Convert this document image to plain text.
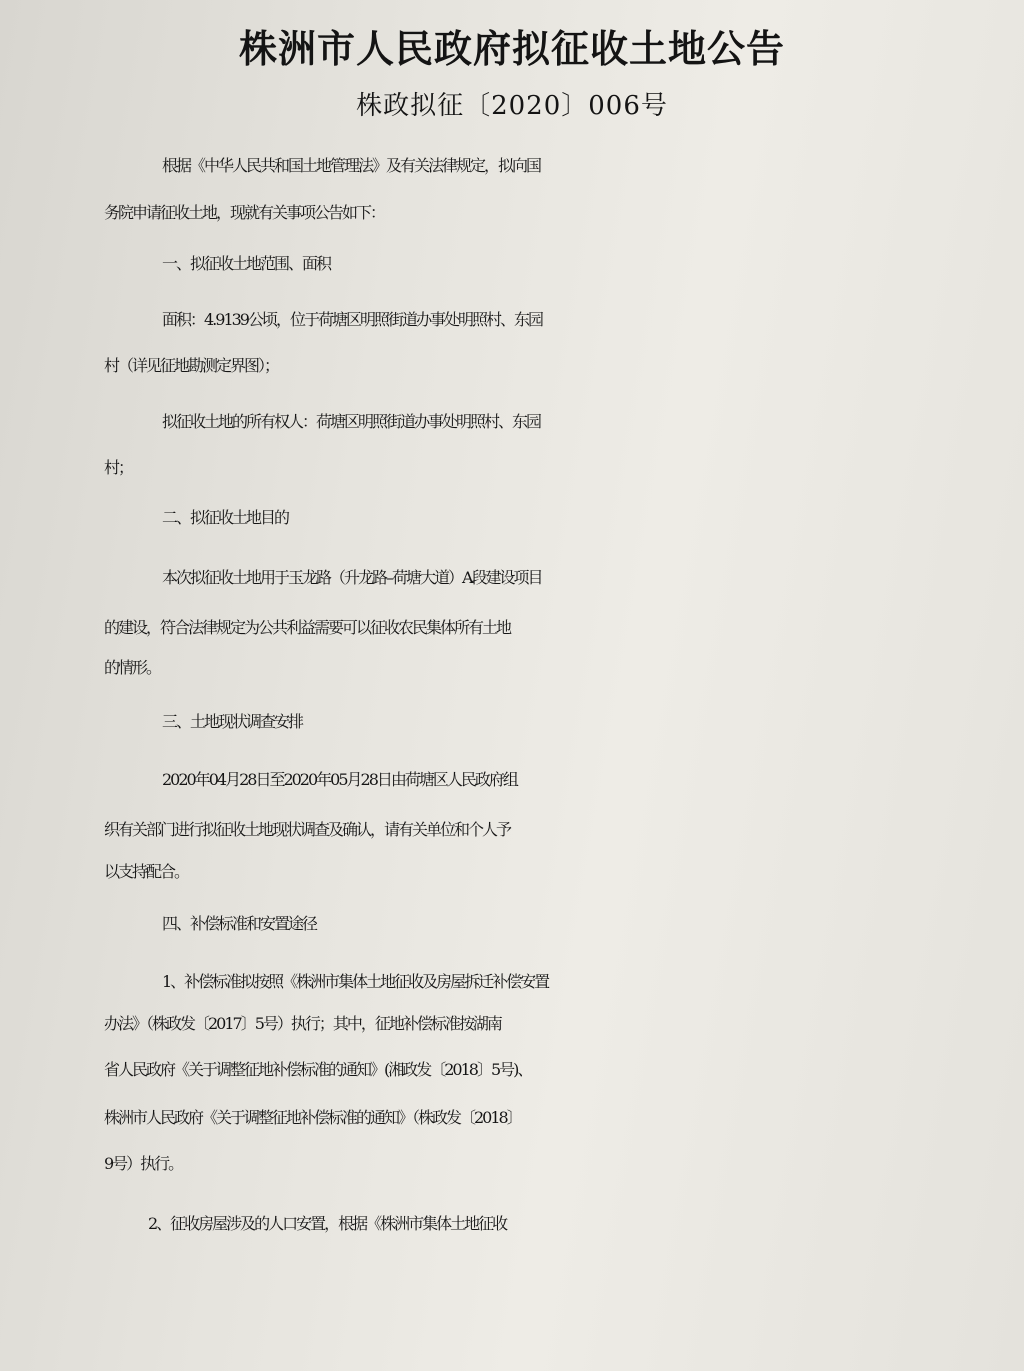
株洲市人民政府拟征收土地公告
株政拟征〔2020〕006号
根据《中华人民共和国土地管理法》及有关法律规定，拟向国
务院申请征收土地，现就有关事项公告如下：
一、拟征收土地范围、面积
面积：4.9139公顷，位于荷塘区明照街道办事处明照村、东园
村（详见征地勘测定界图）；
拟征收土地的所有权人：荷塘区明照街道办事处明照村、东园
村；
二、拟征收土地目的
本次拟征收土地用于玉龙路（升龙路–荷塘大道）A段建设项目
的建设，符合法律规定为公共利益需要可以征收农民集体所有土地
的情形。
三、土地现状调查安排
2020年04月28日至2020年05月28日由荷塘区人民政府组
织有关部门进行拟征收土地现状调查及确认，请有关单位和个人予
以支持配合。
四、补偿标准和安置途径
1、补偿标准拟按照《株洲市集体土地征收及房屋拆迁补偿安置
办法》（株政发〔2017〕5号）执行；其中，征地补偿标准按湖南
省人民政府《关于调整征地补偿标准的通知》(湘政发〔2018〕5号)、
株洲市人民政府《关于调整征地补偿标准的通知》（株政发〔2018〕
9号）执行。
2、征收房屋涉及的人口安置，根据《株洲市集体土地征收
